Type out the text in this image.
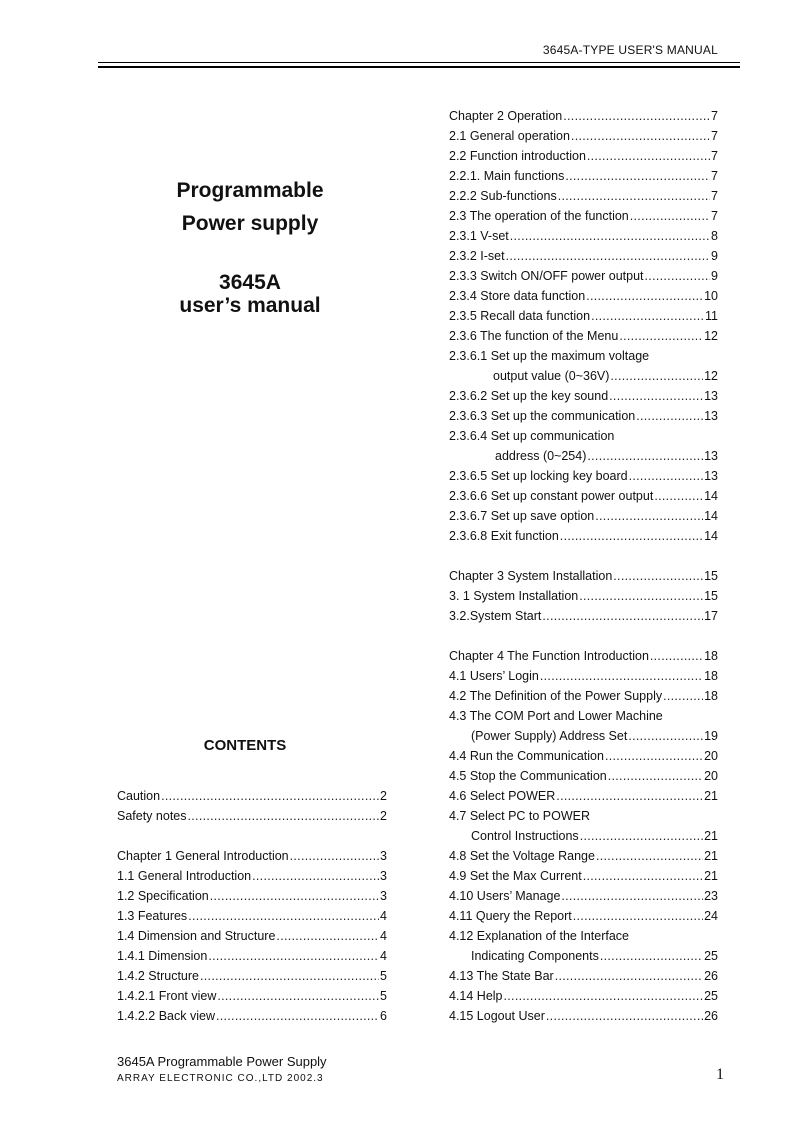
3645A-TYPE USER'S MANUAL
Programmable
Power supply
3645A
user’s manual
CONTENTS
Caution .....	2
Safety notes .....	2
Chapter 1 General Introduction .....	3
1.1 General Introduction .....	3
1.2 Specification .....	3
1.3 Features .....	4
1.4 Dimension and Structure .....	4
1.4.1 Dimension .....	4
1.4.2 Structure .....	5
1.4.2.1 Front view .....	5
1.4.2.2 Back view .....	6
Chapter 2 Operation .....	7
2.1 General operation .....	7
2.2 Function introduction .....	7
2.2.1. Main functions .....	7
2.2.2 Sub-functions .....	7
2.3 The operation of the function .....	7
2.3.1 V-set .....	8
2.3.2 I-set .....	9
2.3.3 Switch ON/OFF power output .....	9
2.3.4 Store data function .....	10
2.3.5 Recall data function .....	11
2.3.6 The function of the Menu .....	12
2.3.6.1 Set up the maximum voltage
output value (0~36V) .....	12
2.3.6.2 Set up the key sound .....	13
2.3.6.3 Set up the communication .....	13
2.3.6.4 Set up communication
address (0~254) .....	13
2.3.6.5 Set up locking key board .....	13
2.3.6.6 Set up constant power output .....	14
2.3.6.7 Set up save option .....	14
2.3.6.8 Exit function .....	14
Chapter 3 System Installation .....	15
3. 1 System Installation .....	15
3.2.System Start .....	17
Chapter 4 The Function Introduction .....	18
4.1 Users’ Login .....	18
4.2 The Definition of the Power Supply .....	18
4.3 The COM Port and Lower Machine
(Power Supply) Address Set .....	19
4.4 Run the Communication .....	20
4.5 Stop the Communication .....	20
4.6 Select POWER .....	21
4.7 Select PC to POWER
Control Instructions .....	21
4.8 Set the Voltage Range .....	21
4.9 Set the Max Current .....	21
4.10 Users’ Manage .....	23
4.11 Query the Report .....	24
4.12 Explanation of the Interface
Indicating Components .....	25
4.13 The State Bar .....	26
4.14 Help .....	25
4.15 Logout User .....	26
3645A Programmable Power Supply
ARRAY ELECTRONIC CO.,LTD 2002.3	1
